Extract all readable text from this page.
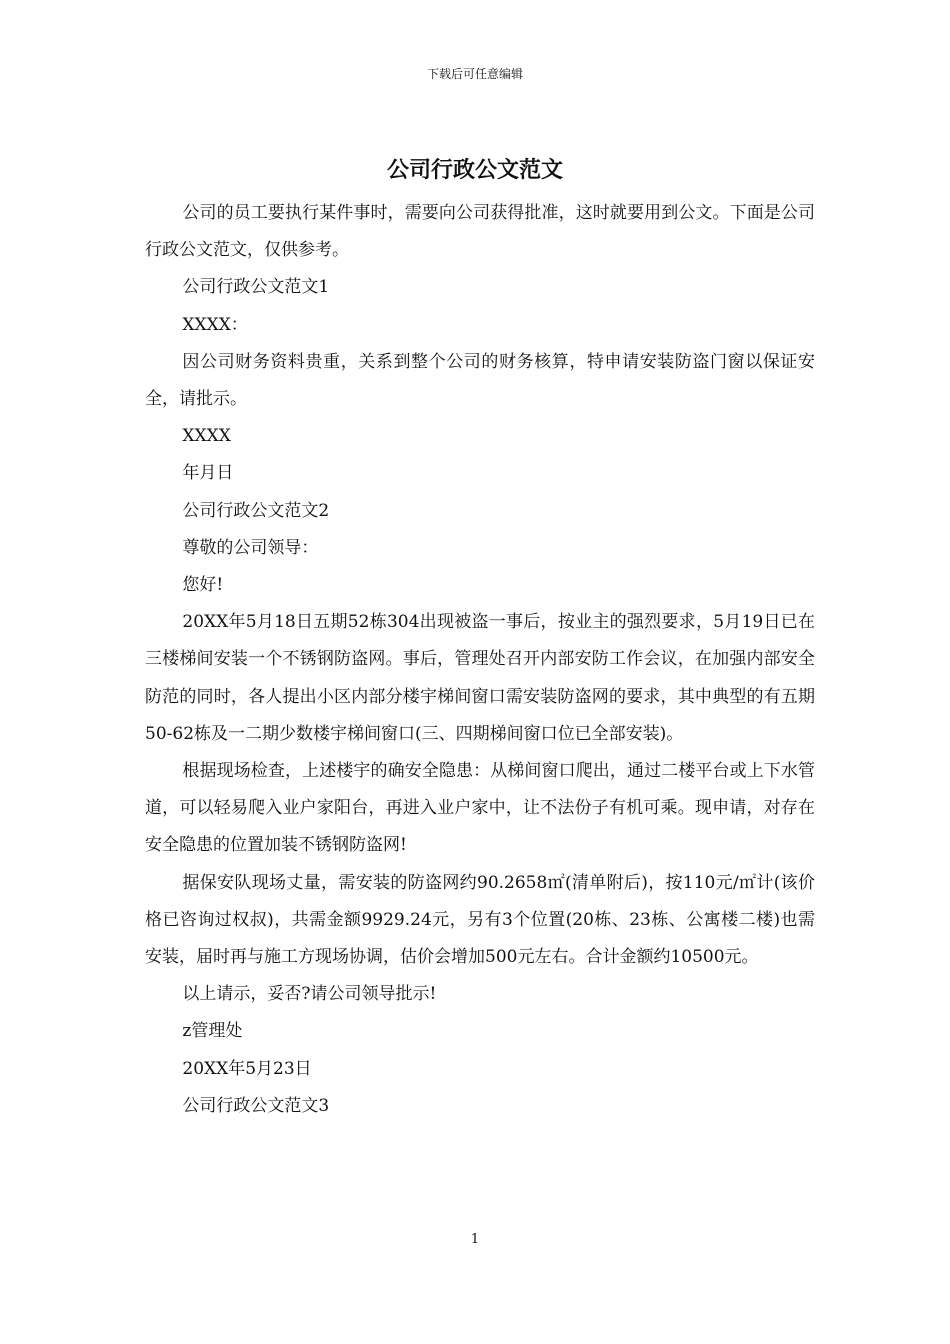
下载后可任意编辑
公司行政公文范文

公司的员工要执行某件事时，需要向公司获得批准，这时就要用到公文。下面是公司行政公文范文，仅供参考。

公司行政公文范文1

XXXX：

因公司财务资料贵重，关系到整个公司的财务核算，特申请安装防盗门窗以保证安全，请批示。

XXXX

年月日

公司行政公文范文2

尊敬的公司领导：

您好!

20XX年5月18日五期52栋304出现被盗一事后，按业主的强烈要求，5月19日已在三楼梯间安装一个不锈钢防盗网。事后，管理处召开内部安防工作会议，在加强内部安全防范的同时，各人提出小区内部分楼宇梯间窗口需安装防盗网的要求，其中典型的有五期50-62栋及一二期少数楼宇梯间窗口(三、四期梯间窗口位已全部安装)。

根据现场检查，上述楼宇的确安全隐患：从梯间窗口爬出，通过二楼平台或上下水管道，可以轻易爬入业户家阳台，再进入业户家中，让不法份子有机可乘。现申请，对存在安全隐患的位置加装不锈钢防盗网!

据保安队现场丈量，需安装的防盗网约90.2658㎡(清单附后)，按110元/㎡计(该价格已咨询过权叔)，共需金额9929.24元，另有3个位置(20栋、23栋、公寓楼二楼)也需安装，届时再与施工方现场协调，估价会增加500元左右。合计金额约10500元。

以上请示，妥否?请公司领导批示!

z管理处

20XX年5月23日

公司行政公文范文3

1
